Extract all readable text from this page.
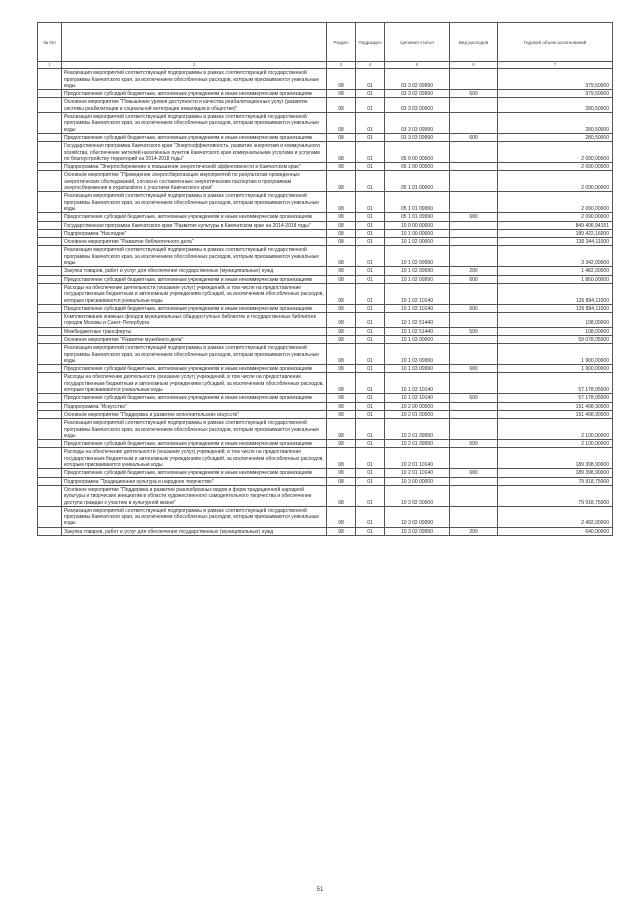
№ п/п		Раздел	Подраздел	Целевая статья	Вид расходов	Годовой объем ассигнований
1	2	3	4	5	6	7
	Реализация мероприятий соответствующей подпрограммы в рамках соответствующей государственной программы Камчатского края, за исключением обособленных расходов, которым присваиваются уникальные коды	08	01	03 3 02 09990		379,50000
	Предоставление субсидий бюджетным, автономным учреждениям и иным некоммерческим организациям	08	01	03 3 02 09990	600	379,50000
	Основное мероприятие "Повышение уровня доступности и качества реабилитационных услуг (развитие системы реабилитации и социальной интеграции инвалидов в обществе)"	08	01	03 3 03 00000		280,50000
	Реализация мероприятий соответствующей подпрограммы в рамках соответствующей государственной программы Камчатского края, за исключением обособленных расходов, которым присваиваются уникальные коды	08	01	03 3 03 09990		280,50000
	Предоставление субсидий бюджетным, автономным учреждениям и иным некоммерческим организациям	08	01	03 3 03 09990	600	280,50000
	Государственная программа Камчатского края "Энергоэффективность, развитие энергетики и коммунального хозяйства, обеспечение жителей населенных пунктов Камчатского края коммунальными услугами и услугами по благоустройству территорий на 2014-2018 годы"	08	01	05 0 00 00000		2 090,00000
	Подпрограмма "Энергосбережение и повышение энергетической эффективности в Камчатском крае"	08	01	05 1 00 00000		2 090,00000
	Основное мероприятие "Проведение энергосберегающих мероприятий по результатам проведенных энергетических обследований, согласно составленным энергетическим паспортам и программам энергосбережения в organizations с участием Камчатского края"	08	01	05 1 01 00000		2 090,00000
	Реализация мероприятий соответствующей подпрограммы в рамках соответствующей государственной программы Камчатского края, за исключением обособленных расходов, которым присваиваются уникальные коды	08	01	05 1 01 09990		2 090,00000
	Предоставление субсидий бюджетным, автономным учреждениям и иным некоммерческим организациям	08	01	05 1 01 09990	600	2 090,00000
	Государственная программа Камчатского края "Развитие культуры в Камчатском крае на 2014-2018 годы"	08	01	10 0 00 00000		849 406,94151
	Подпрограмма "Наследие"	08	01	10 1 00 00000		189 422,16000
	Основное мероприятие "Развитие библиотечного дела"	08	01	10 1 02 00000		130 344,11000
	Реализация мероприятий соответствующей подпрограммы в рамках соответствующей государственной программы Камчатского края, за исключением обособленных расходов, которым присваиваются уникальные коды	08	01	10 1 02 09990		3 342,00000
	Закупка товаров, работ и услуг для обеспечения государственных (муниципальных) нужд	08	01	10 1 02 09990	200	1 482,00000
	Предоставление субсидий бюджетным, автономным учреждениям и иным некоммерческим организациям	08	01	10 1 02 09990	600	1 860,00000
	Расходы на обеспечение деятельности (оказание услуг) учреждений, в том числе на предоставление государственным бюджетным и автономным учреждениям субсидий, за исключением обособленных расходов, которым присваиваются уникальные коды	08	01	10 1 02 10140		126 894,11000
	Предоставление субсидий бюджетным, автономным учреждениям и иным некоммерческим организациям	08	01	10 1 02 10140	600	126 894,11000
	Комплектование книжных фондов муниципальных общедоступных библиотек и государственных библиотек городов Москвы и Санкт-Петербурга	08	01	10 1 02 51440		108,00000
	Межбюджетные трансферты	08	01	10 1 02 51440	500	108,00000
	Основное мероприятие "Развитие музейного дела"	08	01	10 1 03 00000		59 078,05000
	Реализация мероприятий соответствующей подпрограммы в рамках соответствующей государственной программы Камчатского края, за исключением обособленных расходов, которым присваиваются уникальные коды	08	01	10 1 03 09990		1 900,00000
	Предоставление субсидий бюджетным, автономным учреждениям и иным некоммерческим организациям	08	01	10 1 03 09990	600	1 900,00000
	Расходы на обеспечение деятельности (оказание услуг) учреждений, в том числе на предоставление государственным бюджетным и автономным учреждениям субсидий, за исключением обособленных расходов, которым присваиваются уникальные коды	08	01	10 1 03 10140		57 178,05000
	Предоставление субсидий бюджетным, автономным учреждениям и иным некоммерческим организациям	08	01	10 1 03 10140	600	57 178,05000
	Подпрограмма "Искусство"	08	01	10 2 00 00000		191 498,90000
	Основное мероприятие "Поддержка и развитие исполнительских искусств"	08	01	10 2 01 00000		191 498,90000
	Реализация мероприятий соответствующей подпрограммы в рамках соответствующей государственной программы Камчатского края, за исключением обособленных расходов, которым присваиваются уникальные коды	08	01	10 2 01 09990		2 100,00000
	Предоставление субсидий бюджетным, автономным учреждениям и иным некоммерческим организациям	08	01	10 2 01 09990	600	2 100,00000
	Расходы на обеспечение деятельности (оказание услуг) учреждений, в том числе на предоставление государственным бюджетным и автономным учреждениям субсидий, за исключением обособленных расходов, которым присваиваются уникальные коды	08	01	10 2 01 10140		189 398,90000
	Предоставление субсидий бюджетным, автономным учреждениям и иным некоммерческим организациям	08	01	10 2 01 10140	600	189 398,90000
	Подпрограмма "Традиционная культура и народное творчество"	08	01	10 3 00 00000		79 918,75000
	Основное мероприятие "Поддержка и развитие разнообразных видов и форм традиционной народной культуры и творческих инициатив в области художественного самодеятельного творчества и обеспечение доступа граждан к участию в культурной жизни"	08	01	10 3 02 00000		79 918,75000
	Реализация мероприятий соответствующей подпрограммы в рамках соответствующей государственной программы Камчатского края, за исключением обособленных расходов, которым присваиваются уникальные коды	08	01	10 3 02 09990		2 492,00000
	Закупка товаров, работ и услуг для обеспечения государственных (муниципальных) нужд	08	01	10 3 02 09990	200	640,00000
51
